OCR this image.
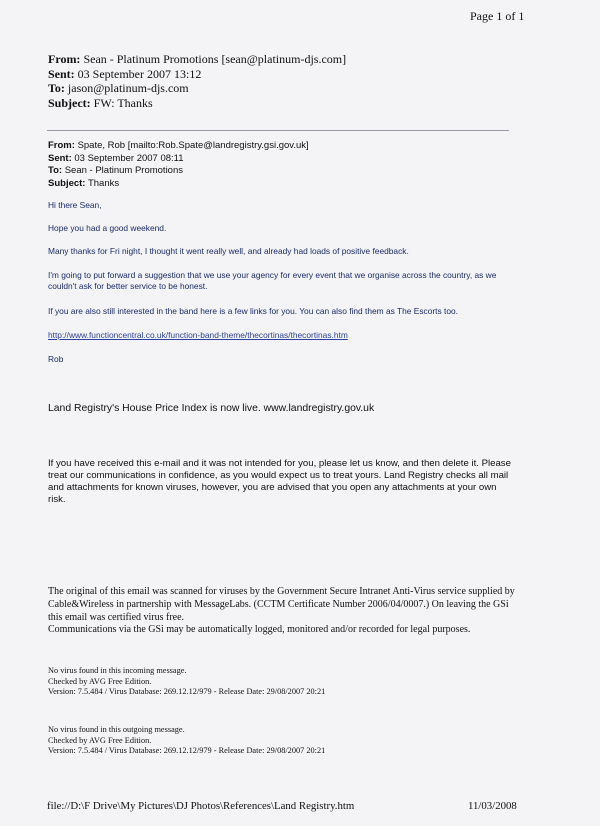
Page 1 of 1
From: Sean - Platinum Promotions [sean@platinum-djs.com]
Sent: 03 September 2007 13:12
To: jason@platinum-djs.com
Subject: FW: Thanks
From: Spate, Rob [mailto:Rob.Spate@landregistry.gsi.gov.uk]
Sent: 03 September 2007 08:11
To: Sean - Platinum Promotions
Subject: Thanks

Hi there Sean,

Hope you had a good weekend.

Many thanks for Fri night, I thought it went really well, and already had loads of positive feedback.

I'm going to put forward a suggestion that we use your agency for every event that we organise across the country, as we couldn't ask for better service to be honest.

If you are also still interested in the band here is a few links for you. You can also find them as The Escorts too.

http://www.functioncentral.co.uk/function-band-theme/thecortinas/thecortinas.htm

Rob

Land Registry's House Price Index is now live. www.landregistry.gov.uk

If you have received this e-mail and it was not intended for you, please let us know, and then delete it. Please treat our communications in confidence, as you would expect us to treat yours. Land Registry checks all mail and attachments for known viruses, however, you are advised that you open any attachments at your own risk.

The original of this email was scanned for viruses by the Government Secure Intranet Anti-Virus service supplied by Cable&Wireless in partnership with MessageLabs. (CCTM Certificate Number 2006/04/0007.) On leaving the GSi this email was certified virus free.
Communications via the GSi may be automatically logged, monitored and/or recorded for legal purposes.
No virus found in this incoming message.
Checked by AVG Free Edition.
Version: 7.5.484 / Virus Database: 269.12.12/979 - Release Date: 29/08/2007 20:21
No virus found in this outgoing message.
Checked by AVG Free Edition.
Version: 7.5.484 / Virus Database: 269.12.12/979 - Release Date: 29/08/2007 20:21
file://D:\F Drive\My Pictures\DJ Photos\References\Land Registry.htm	11/03/2008
